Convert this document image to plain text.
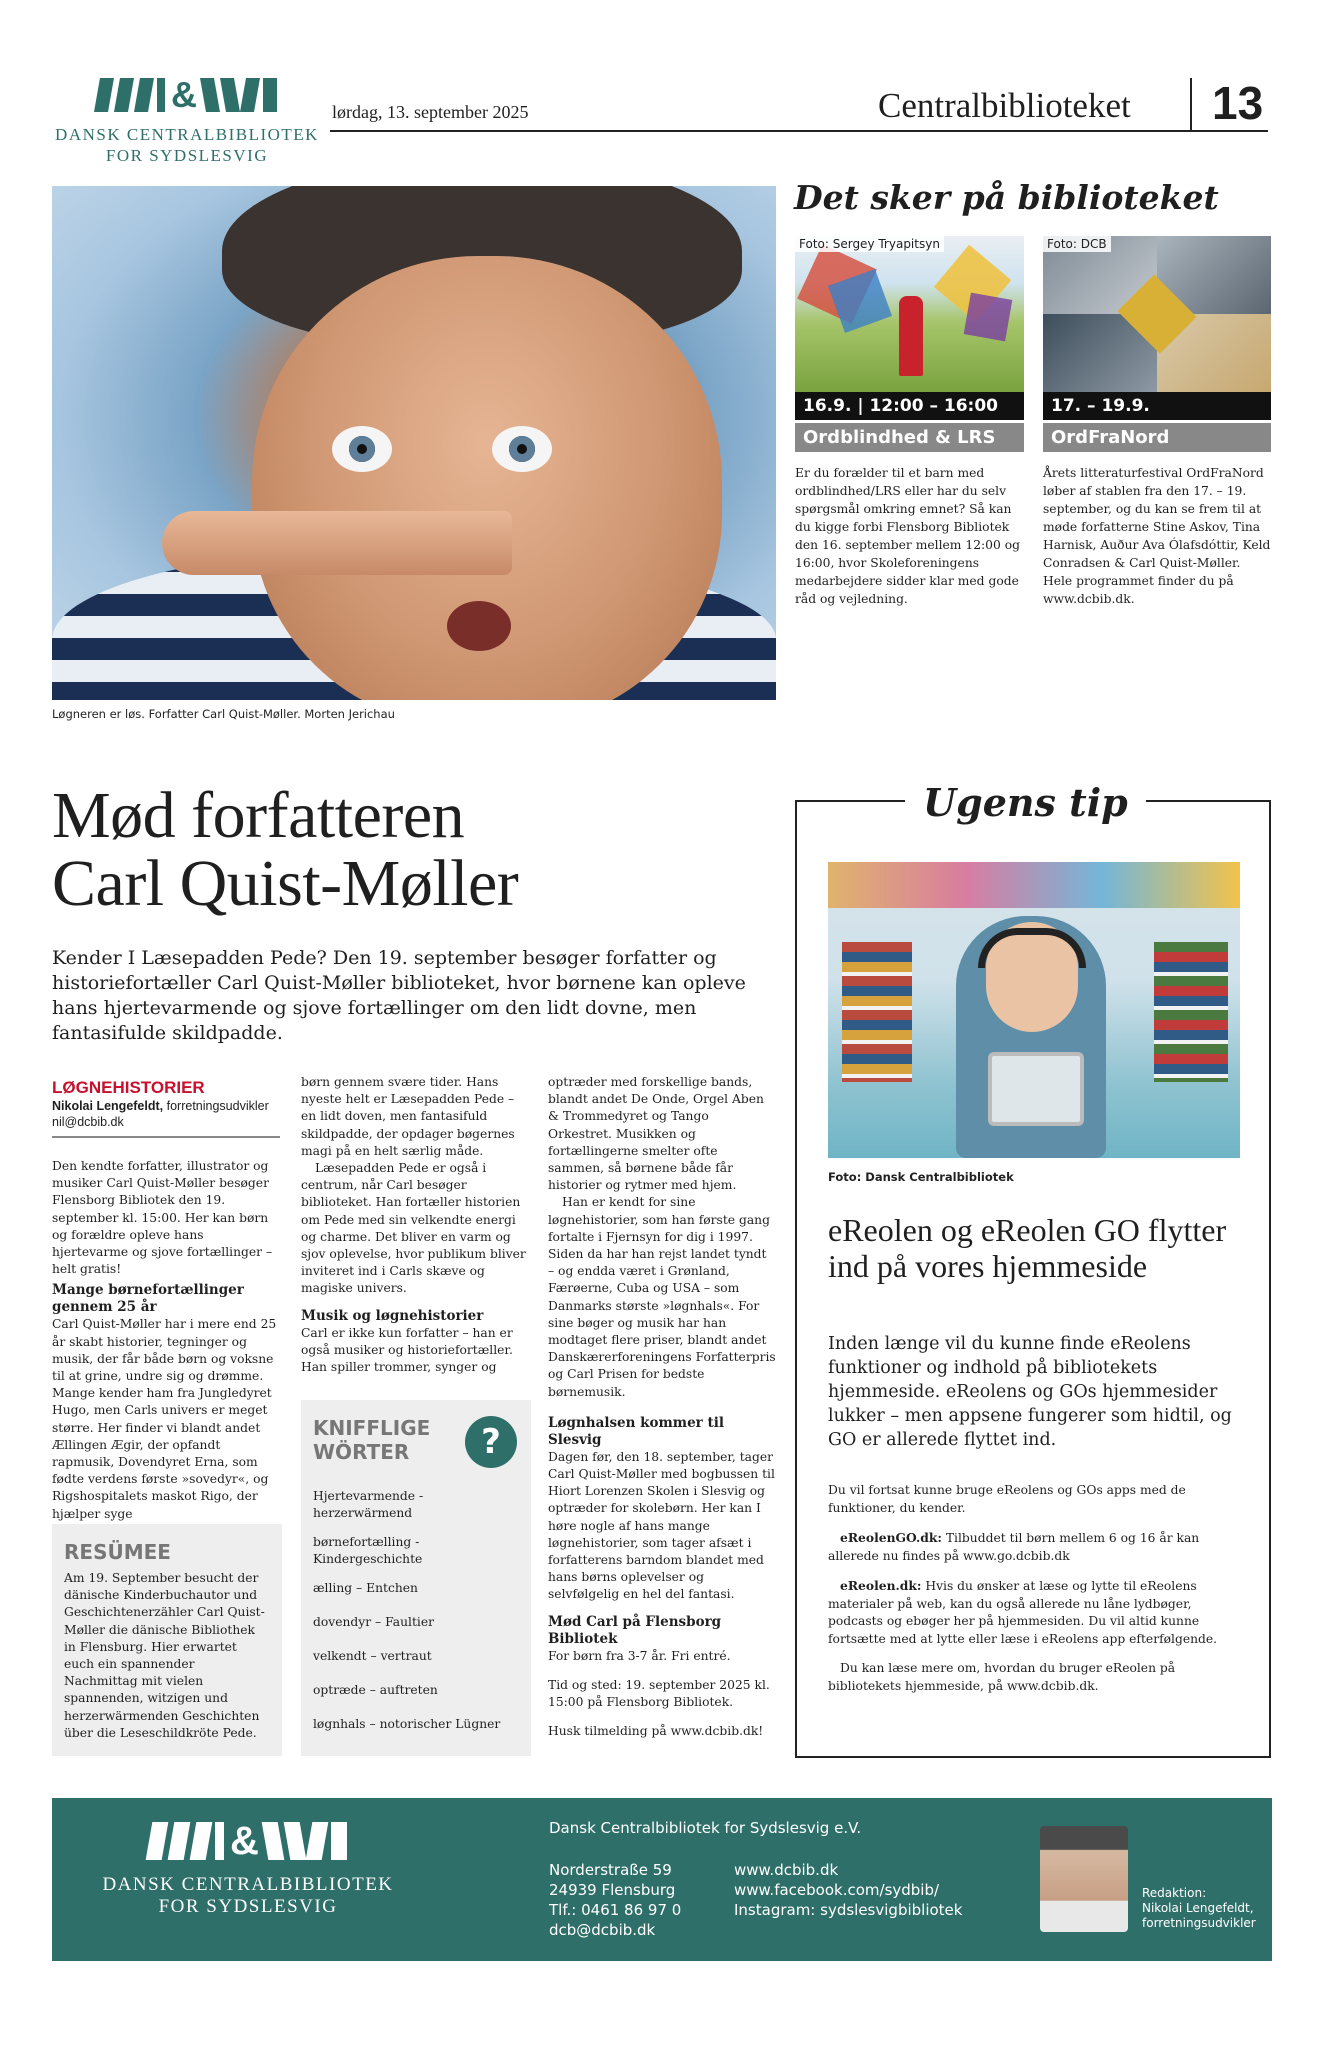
&
DANSK CENTRALBIBLIOTEK
FOR SYDSLESVIG
lørdag, 13. september 2025	Centralbiblioteket 13
Løgneren er løs. Forfatter Carl Quist-Møller. Morten Jerichau
Det sker på biblioteket
Foto: Sergey Tryapitsyn
16.9. | 12:00 – 16:00
Ordblindhed & LRS
Er du forælder til et barn med ordblindhed/LRS eller har du selv spørgsmål omkring emnet? Så kan du kigge forbi Flensborg Bibliotek den 16. september mellem 12:00 og 16:00, hvor Skoleforeningens medarbejdere sidder klar med gode råd og vejledning.
Foto: DCB
17. – 19.9.
OrdFraNord
Årets litteraturfestival OrdFraNord løber af stablen fra den 17. – 19. september, og du kan se frem til at møde forfatterne Stine Askov, Tina Harnisk, Auður Ava Ólafsdóttir, Keld Conradsen & Carl Quist-Møller. Hele programmet finder du på www.dcbib.dk.
Mød forfatteren
Carl Quist-Møller
Kender I Læsepadden Pede? Den 19. september besøger forfatter og historiefortæller Carl Quist-Møller biblioteket, hvor børnene kan opleve hans hjertevarmende og sjove fortællinger om den lidt dovne, men fantasifulde skildpadde.
LØGNEHISTORIER
Nikolai Lengefeldt, forretningsudvikler
nil@dcbib.dk

Den kendte forfatter, illustrator og musiker Carl Quist-Møller besøger Flensborg Bibliotek den 19. september kl. 15:00. Her kan børn og forældre opleve hans hjertevarme og sjove fortællinger – helt gratis!

Mange børnefortællinger gennem 25 år

Carl Quist-Møller har i mere end 25 år skabt historier, tegninger og musik, der får både børn og voksne til at grine, undre sig og drømme. Mange kender ham fra Jungledyret Hugo, men Carls univers er meget større. Her finder vi blandt andet Ællingen Ægir, der opfandt rapmusik, Dovendyret Erna, som fødte verdens første »sovedyr«, og Rigshospitalets maskot Rigo, der hjælper syge

RESÜMEE
Am 19. September besucht der dänische Kinderbuchautor und Geschichtenerzähler Carl Quist-Møller die dänische Bibliothek in Flensburg. Hier erwartet euch ein spannender Nachmittag mit vielen spannenden, witzigen und herzerwärmenden Geschichten über die Leseschildkröte Pede.

børn gennem svære tider. Hans nyeste helt er Læsepadden Pede – en lidt doven, men fantasifuld skildpadde, der opdager bøgernes magi på en helt særlig måde.

Læsepadden Pede er også i centrum, når Carl besøger biblioteket. Han fortæller historien om Pede med sin velkendte energi og charme. Det bliver en varm og sjov oplevelse, hvor publikum bliver inviteret ind i Carls skæve og magiske univers.

Musik og løgnehistorier

Carl er ikke kun forfatter – han er også musiker og historiefortæller. Han spiller trommer, synger og

KNIFFLIGE
WÖRTER	?
Hjertevarmende - herzerwärmend
børnefortælling - Kindergeschichte
ælling – Entchen
dovendyr – Faultier
velkendt – vertraut
optræde – auftreten
løgnhals – notorischer Lügner

optræder med forskellige bands, blandt andet De Onde, Orgel Aben & Trommedyret og Tango Orkestret. Musikken og fortællingerne smelter ofte sammen, så børnene både får historier og rytmer med hjem.

Han er kendt for sine løgnehistorier, som han første gang fortalte i Fjernsyn for dig i 1997. Siden da har han rejst landet tyndt – og endda været i Grønland, Færøerne, Cuba og USA – som Danmarks største »løgnhals«. For sine bøger og musik har han modtaget flere priser, blandt andet Danskærerforeningens Forfatterpris og Carl Prisen for bedste børnemusik.

Løgnhalsen kommer til Slesvig

Dagen før, den 18. september, tager Carl Quist-Møller med bogbussen til Hiort Lorenzen Skolen i Slesvig og optræder for skolebørn. Her kan I høre nogle af hans mange løgnehistorier, som tager afsæt i forfatterens barndom blandet med hans børns oplevelser og selvfølgelig en hel del fantasi.

Mød Carl på Flensborg Bibliotek

For børn fra 3-7 år. Fri entré.

Tid og sted: 19. september 2025 kl. 15:00 på Flensborg Bibliotek.

Husk tilmelding på www.dcbib.dk!

Ugens tip
Foto: Dansk Centralbibliotek
eReolen og eReolen GO flytter ind på vores hjemmeside
Inden længe vil du kunne finde eReolens funktioner og indhold på bibliotekets hjemmeside. eReolens og GOs hjemmesider lukker – men appsene fungerer som hidtil, og GO er allerede flyttet ind.

Du vil fortsat kunne bruge eReolens og GOs apps med de funktioner, du kender.

eReolenGO.dk: Tilbuddet til børn mellem 6 og 16 år kan allerede nu findes på www.go.dcbib.dk

eReolen.dk: Hvis du ønsker at læse og lytte til eReolens materialer på web, kan du også allerede nu låne lydbøger, podcasts og ebøger her på hjemmesiden. Du vil altid kunne fortsætte med at lytte eller læse i eReolens app efterfølgende.

Du kan læse mere om, hvordan du bruger eReolen på bibliotekets hjemmeside, på www.dcbib.dk.

&
DANSK CENTRALBIBLIOTEK
FOR SYDSLESVIG
Dansk Centralbibliotek for Sydslesvig e.V.
Norderstraße 59
24939 Flensburg
Tlf.: 0461 86 97 0
dcb@dcbib.dk
www.dcbib.dk
www.facebook.com/sydbib/
Instagram: sydslesvigbibliotek
Redaktion:
Nikolai Lengefeldt,
forretningsudvikler
